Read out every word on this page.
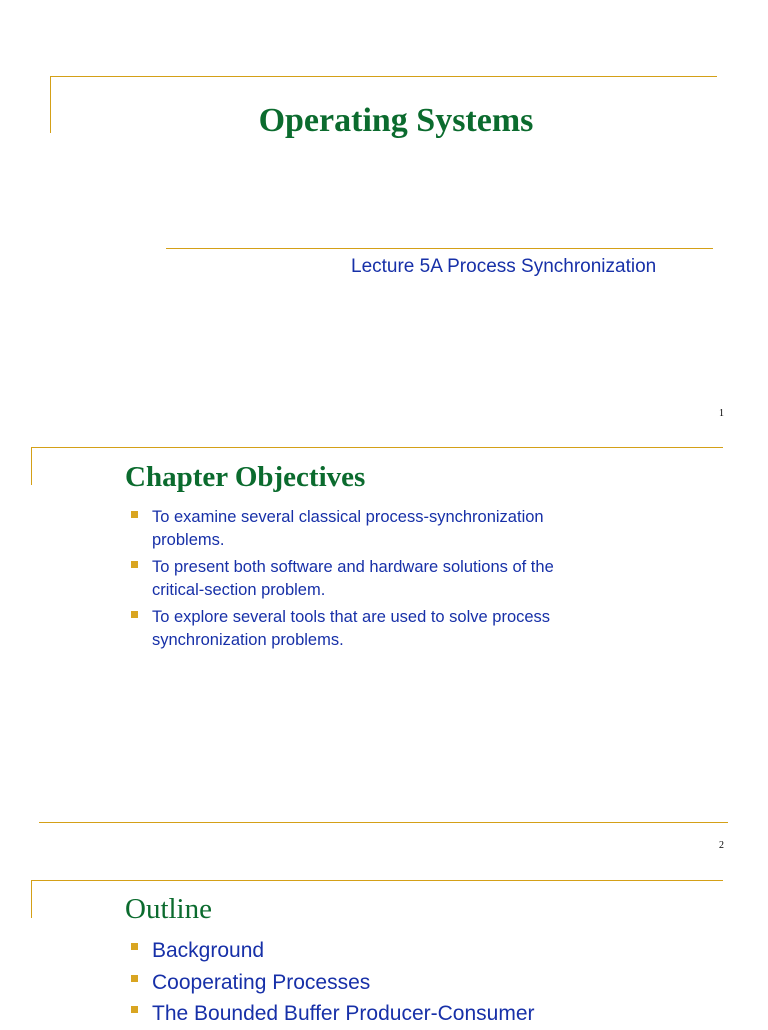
Operating Systems
Lecture 5A Process Synchronization
1
Chapter Objectives
To examine several classical process-synchronization
problems.
To present both software and hardware solutions of the
critical-section problem.
To explore several tools that are used to solve process
synchronization problems.
2
Outline
Background
Cooperating Processes
The Bounded Buffer Producer-Consumer
